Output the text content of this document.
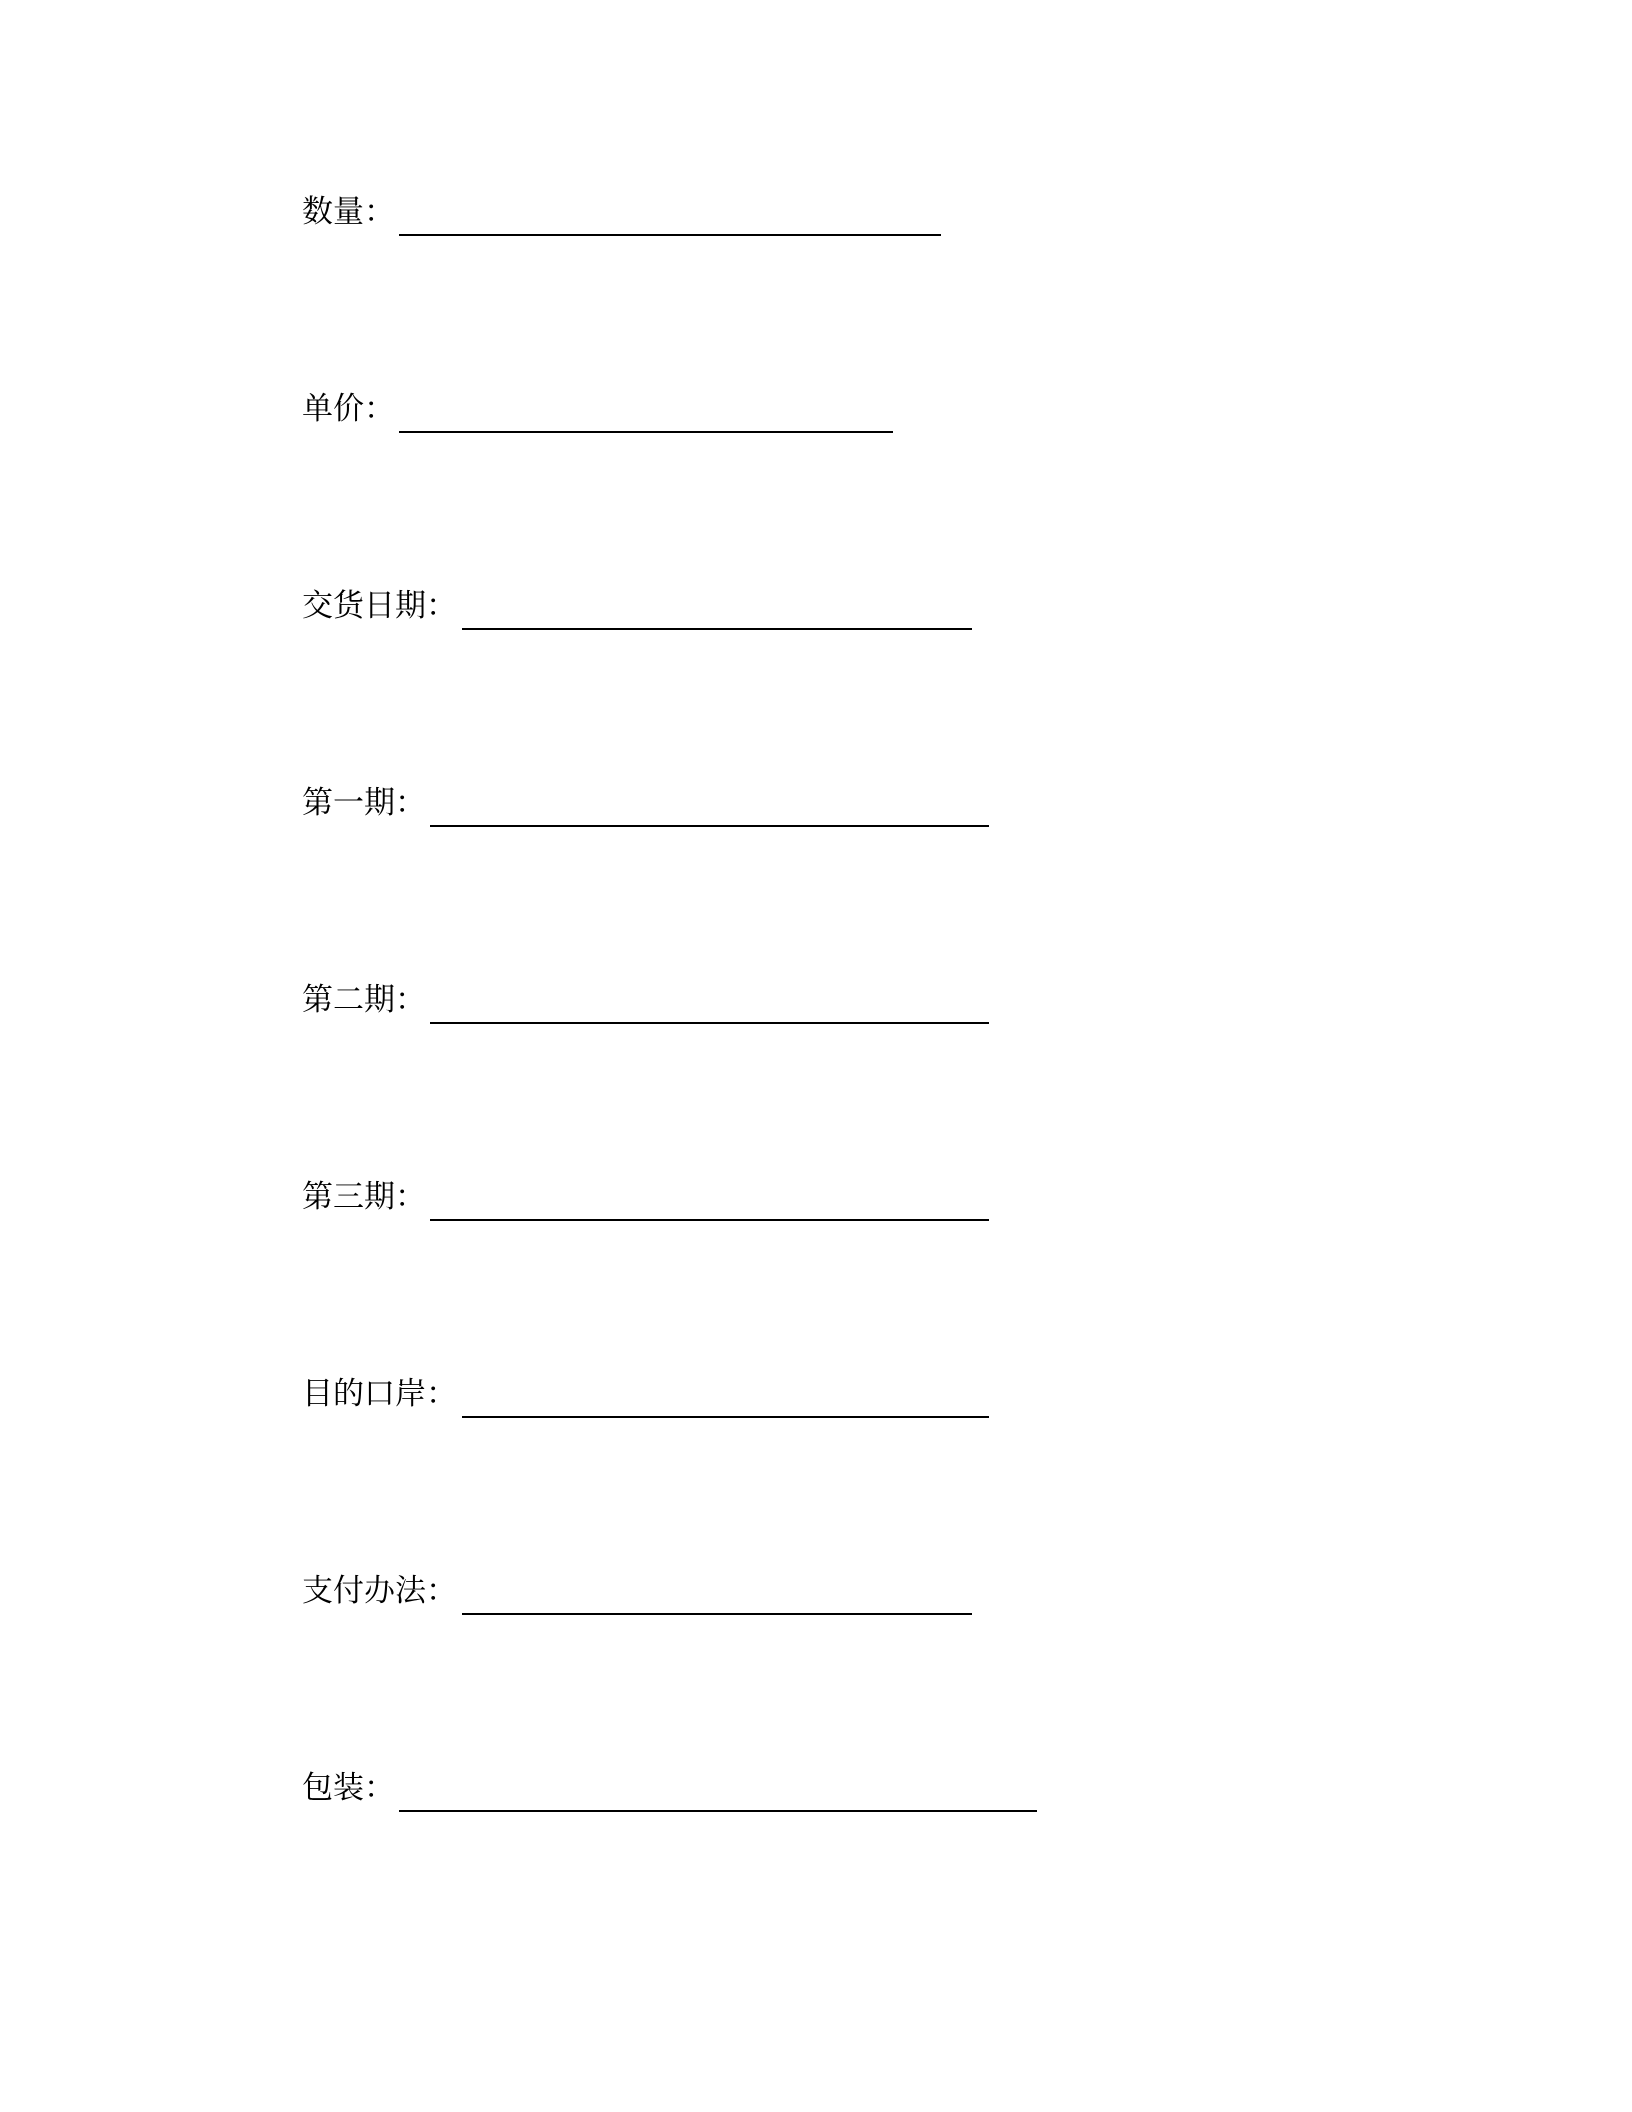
数量：
单价：
交货日期：
第一期：
第二期：
第三期：
目的口岸：
支付办法：
包装：
